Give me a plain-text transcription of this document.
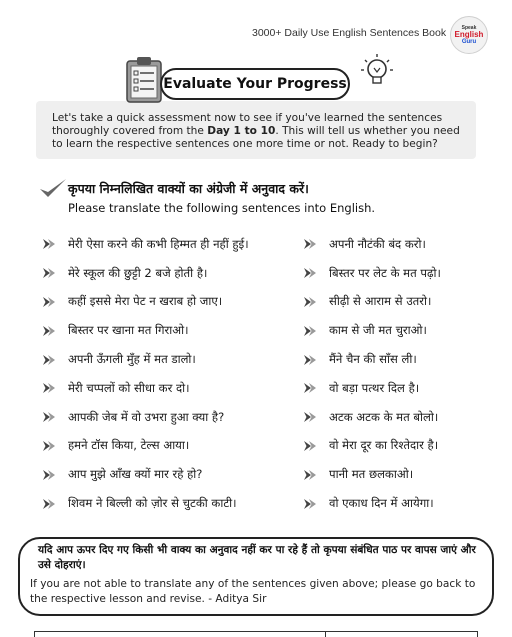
3000+ Daily Use English Sentences Book	Speak
English
Guru
Evaluate Your Progress
Let's take a quick assessment now to see if you've learned the sentences thoroughly covered from the Day 1 to 10. This will tell us whether you need to learn the respective sentences one more time or not. Ready to begin?
कृपया निम्नलिखित वाक्यों का अंग्रेजी में अनुवाद करें।
Please translate the following sentences into English.
मेरी ऐसा करने की कभी हिम्मत ही नहीं हुई।
मेरे स्कूल की छुट्टी 2 बजे होती है।
कहीं इससे मेरा पेट न खराब हो जाए।
बिस्तर पर खाना मत गिराओ।
अपनी ऊँगली मुँह में मत डालो।
मेरी चप्पलों को सीधा कर दो।
आपकी जेब में वो उभरा हुआ क्या है?
हमने टॉस किया, टेल्स आया।
आप मुझे आँख क्यों मार रहे हो?
शिवम ने बिल्ली को ज़ोर से चुटकी काटी।
अपनी नौटंकी बंद करो।
बिस्तर पर लेट के मत पढ़ो।
सीढ़ी से आराम से उतरो।
काम से जी मत चुराओ।
मैंने चैन की साँस ली।
वो बड़ा पत्थर दिल है।
अटक अटक के मत बोलो।
वो मेरा दूर का रिश्तेदार है।
पानी मत छलकाओ।
वो एकाध दिन में आयेगा।
यदि आप ऊपर दिए गए किसी भी वाक्य का अनुवाद नहीं कर पा रहे हैं तो कृपया संबंधित पाठ पर वापस जाएं और उसे दोहराएं।
If you are not able to translate any of the sentences given above; please go back to the respective lesson and revise. - Aditya Sir
